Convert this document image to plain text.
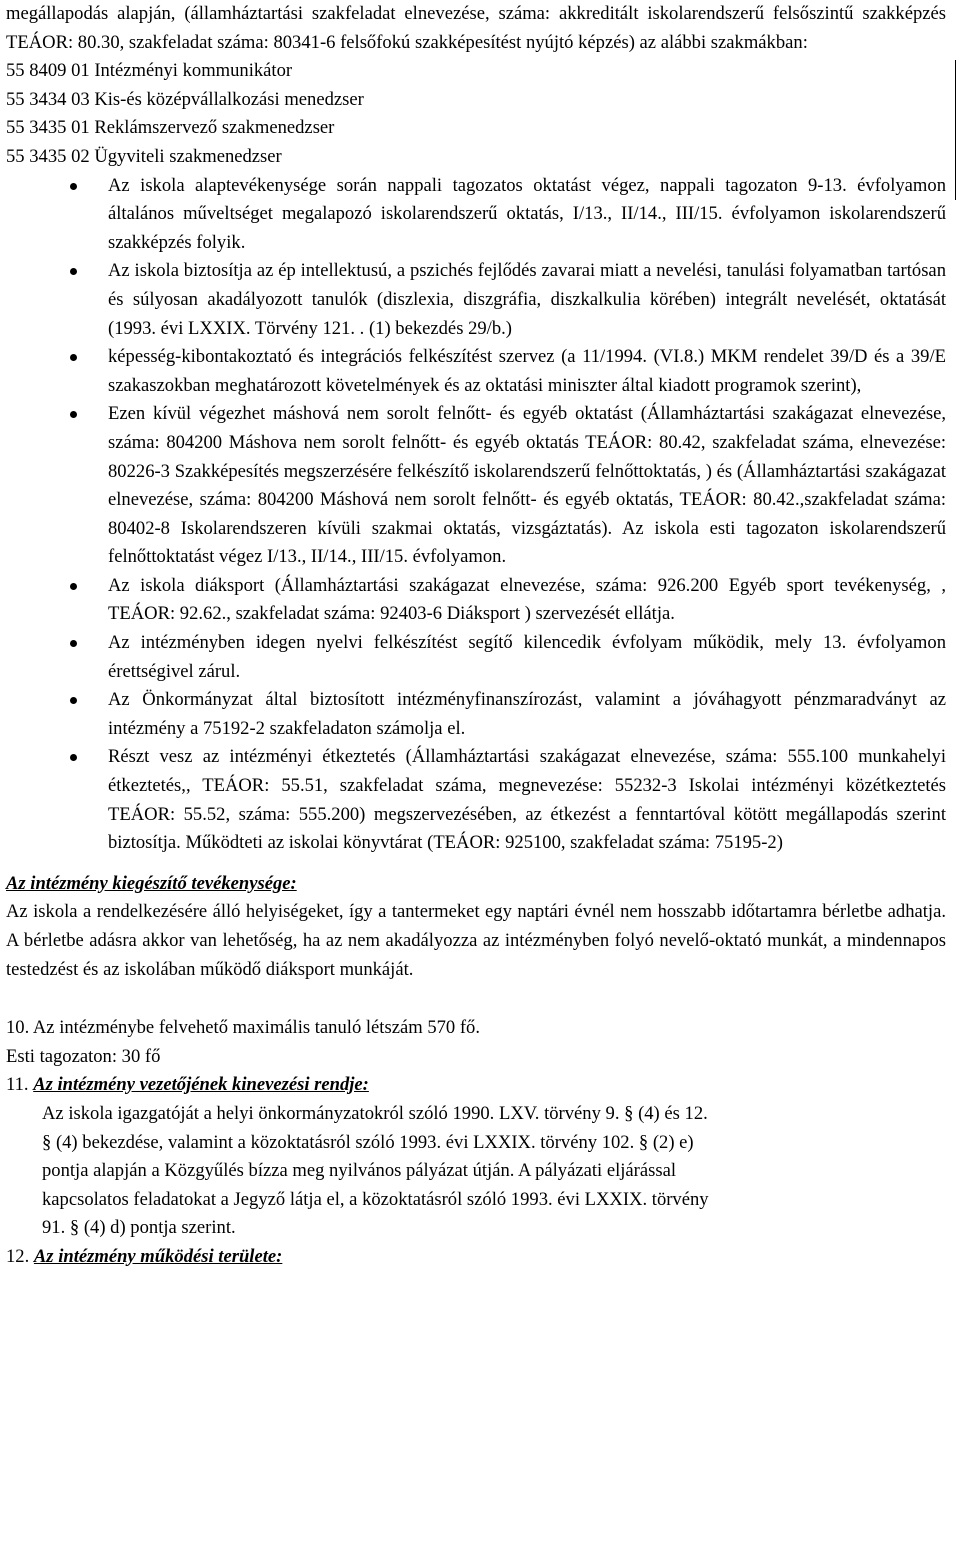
megállapodás alapján, (államháztartási szakfeladat elnevezése, száma: akkreditált iskolarendszerű felsőszintű szakképzés TEÁOR: 80.30, szakfeladat száma: 80341-6 felsőfokú szakképesítést nyújtó képzés) az alábbi szakmákban:

55 8409 01 Intézményi kommunikátor

55 3434 03 Kis-és középvállalkozási menedzser

55 3435 01 Reklámszervező szakmenedzser

55 3435 02 Ügyviteli szakmenedzser

Az iskola alaptevékenysége során nappali tagozatos oktatást végez, nappali tagozaton 9-13. évfolyamon általános műveltséget megalapozó iskolarendszerű oktatás, I/13., II/14., III/15. évfolyamon iskolarendszerű szakképzés folyik.
Az iskola biztosítja az ép intellektusú, a pszichés fejlődés zavarai miatt a nevelési, tanulási folyamatban tartósan és súlyosan akadályozott tanulók (diszlexia, diszgráfia, diszkalkulia körében) integrált nevelését, oktatását (1993. évi LXXIX. Törvény 121. . (1) bekezdés 29/b.)
képesség-kibontakoztató és integrációs felkészítést szervez (a 11/1994. (VI.8.) MKM rendelet 39/D és a 39/E szakaszokban meghatározott követelmények és az oktatási miniszter által kiadott programok szerint),
Ezen kívül végezhet máshová nem sorolt felnőtt- és egyéb oktatást (Államháztartási szakágazat elnevezése, száma: 804200 Máshova nem sorolt felnőtt- és egyéb oktatás TEÁOR: 80.42, szakfeladat száma, elnevezése: 80226-3 Szakképesítés megszerzésére felkészítő iskolarendszerű felnőttoktatás, ) és (Államháztartási szakágazat elnevezése, száma: 804200 Máshová nem sorolt felnőtt- és egyéb oktatás, TEÁOR: 80.42.,szakfeladat száma: 80402-8 Iskolarendszeren kívüli szakmai oktatás, vizsgáztatás). Az iskola esti tagozaton iskolarendszerű felnőttoktatást végez I/13., II/14., III/15. évfolyamon.
Az iskola diáksport (Államháztartási szakágazat elnevezése, száma: 926.200 Egyéb sport tevékenység, , TEÁOR: 92.62., szakfeladat száma: 92403-6 Diáksport ) szervezését ellátja.
Az intézményben idegen nyelvi felkészítést segítő kilencedik évfolyam működik, mely 13. évfolyamon érettségivel zárul.
Az Önkormányzat által biztosított intézményfinanszírozást, valamint a jóváhagyott pénzmaradványt az intézmény a 75192-2 szakfeladaton számolja el.
Részt vesz az intézményi étkeztetés (Államháztartási szakágazat elnevezése, száma: 555.100 munkahelyi étkeztetés,, TEÁOR: 55.51, szakfeladat száma, megnevezése: 55232-3 Iskolai intézményi közétkeztetés TEÁOR: 55.52, száma: 555.200) megszervezésében, az étkezést a fenntartóval kötött megállapodás szerint biztosítja. Működteti az iskolai könyvtárat (TEÁOR: 925100, szakfeladat száma: 75195-2)
Az intézmény kiegészítő tevékenysége:

Az iskola a rendelkezésére álló helyiségeket, így a tantermeket egy naptári évnél nem hosszabb időtartamra bérletbe adhatja. A bérletbe adásra akkor van lehetőség, ha az nem akadályozza az intézményben folyó nevelő-oktató munkát, a mindennapos testedzést és az iskolában működő diáksport munkáját.

10. Az intézménybe felvehető maximális tanuló létszám 570 fő.

Esti tagozaton: 30 fő

11. Az intézmény vezetőjének kinevezési rendje:

Az iskola igazgatóját a helyi önkormányzatokról szóló 1990. LXV. törvény 9. § (4) és 12.
§ (4) bekezdése, valamint a közoktatásról szóló 1993. évi LXXIX. törvény 102. § (2) e)
pontja alapján a Közgyűlés bízza meg nyilvános pályázat útján. A pályázati eljárással
kapcsolatos feladatokat a Jegyző látja el, a közoktatásról szóló 1993. évi LXXIX. törvény
91. § (4) d) pontja szerint.

12. Az intézmény működési területe:
